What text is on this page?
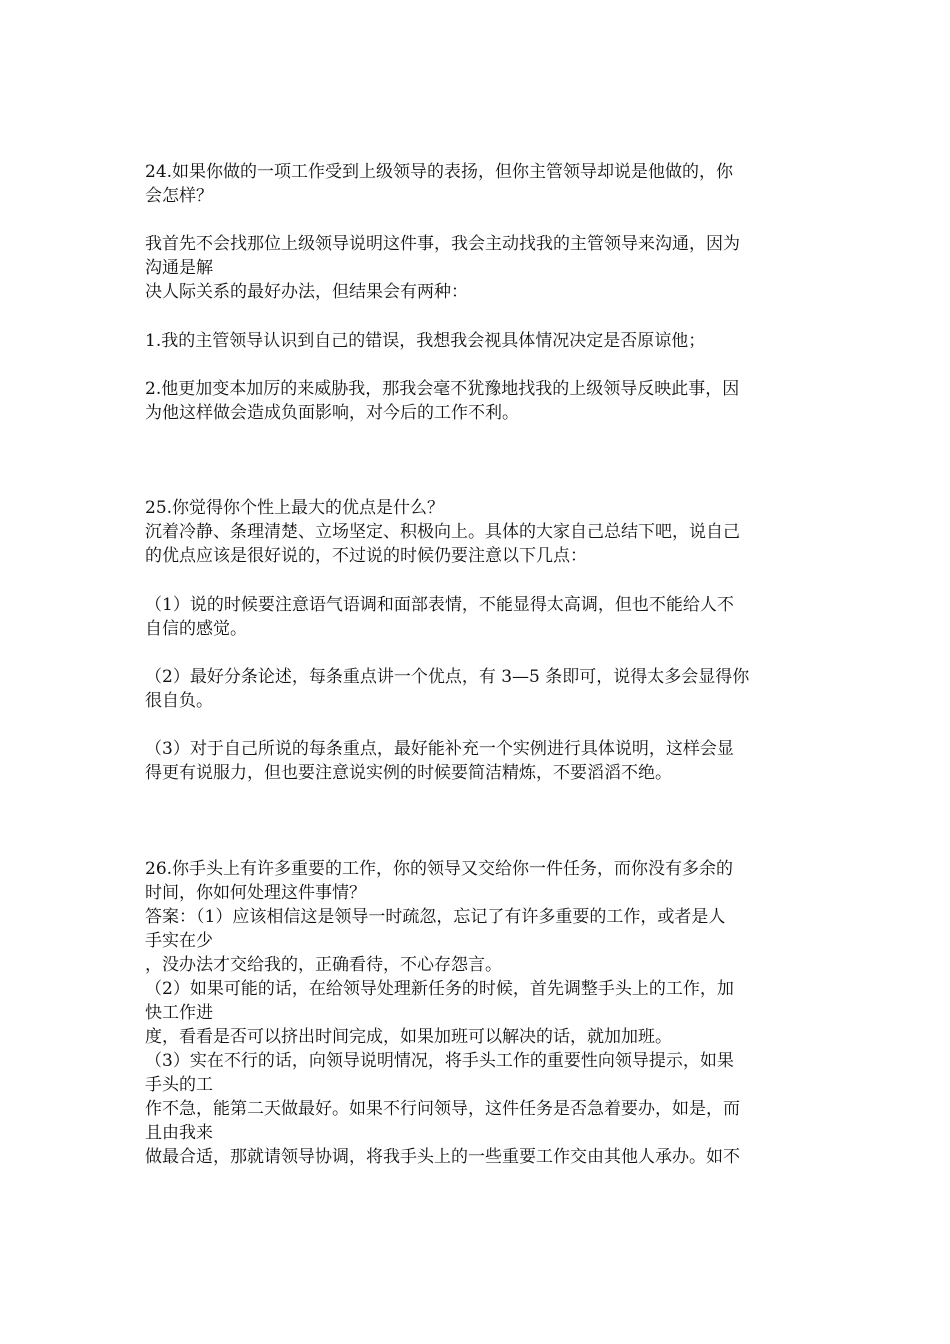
24.如果你做的一项工作受到上级领导的表扬，但你主管领导却说是他做的，你
会怎样？
我首先不会找那位上级领导说明这件事，我会主动找我的主管领导来沟通，因为
沟通是解
决人际关系的最好办法，但结果会有两种：
1.我的主管领导认识到自己的错误，我想我会视具体情况决定是否原谅他；
2.他更加变本加厉的来威胁我，那我会毫不犹豫地找我的上级领导反映此事，因
为他这样做会造成负面影响，对今后的工作不利。
25.你觉得你个性上最大的优点是什么？
沉着冷静、条理清楚、立场坚定、积极向上。具体的大家自己总结下吧，说自己
的优点应该是很好说的，不过说的时候仍要注意以下几点：
（1）说的时候要注意语气语调和面部表情，不能显得太高调，但也不能给人不
自信的感觉。
（2）最好分条论述，每条重点讲一个优点，有 3—5 条即可，说得太多会显得你
很自负。
（3）对于自己所说的每条重点，最好能补充一个实例进行具体说明，这样会显
得更有说服力，但也要注意说实例的时候要简洁精炼，不要滔滔不绝。
26.你手头上有许多重要的工作，你的领导又交给你一件任务，而你没有多余的
时间，你如何处理这件事情？
答案：（1）应该相信这是领导一时疏忽，忘记了有许多重要的工作，或者是人
手实在少
，没办法才交给我的，正确看待，不心存怨言。
（2）如果可能的话，在给领导处理新任务的时候，首先调整手头上的工作，加
快工作进
度，看看是否可以挤出时间完成，如果加班可以解决的话，就加加班。
（3）实在不行的话，向领导说明情况，将手头工作的重要性向领导提示，如果
手头的工
作不急，能第二天做最好。如果不行问领导，这件任务是否急着要办，如是，而
且由我来
做最合适，那就请领导协调，将我手头上的一些重要工作交由其他人承办。如不
